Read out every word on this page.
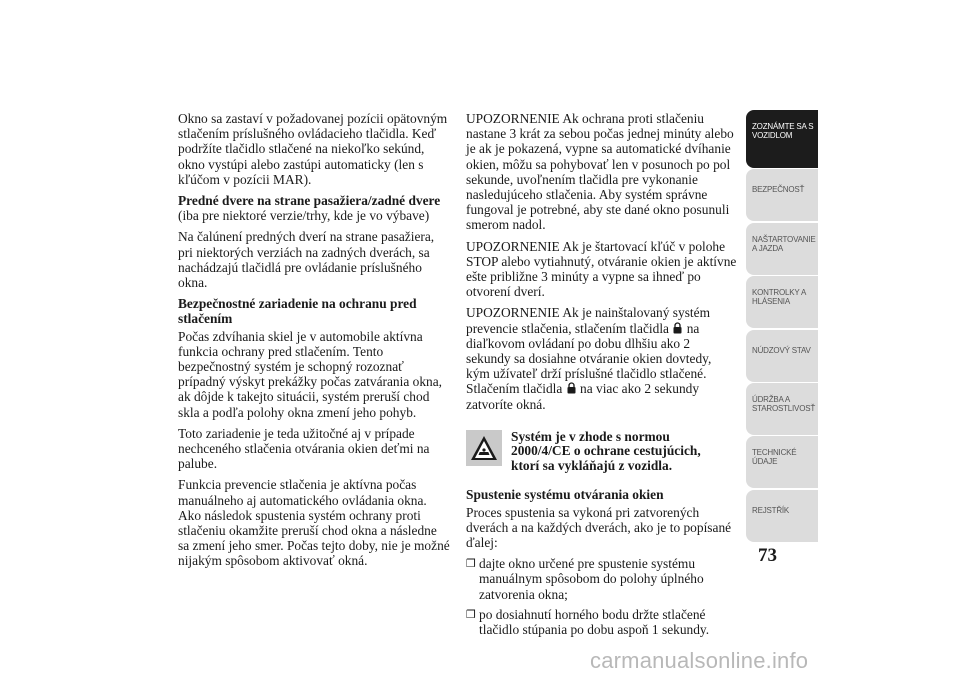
Okno sa zastaví v požadovanej pozícii opätovným stlačením príslušného ovládacieho tlačidla. Keď podržíte tlačidlo stlačené na niekoľko sekúnd, okno vystúpi alebo zastúpi automaticky (len s kľúčom v pozícii MAR).

Predné dvere na strane pasažiera/zadné dvere

(iba pre niektoré verzie/trhy, kde je vo výbave)

Na čalúnení predných dverí na strane pasažiera, pri niektorých verziách na zadných dverách, sa nachádzajú tlačidlá pre ovládanie príslušného okna.

Bezpečnostné zariadenie na ochranu pred stlačením

Počas zdvíhania skiel je v automobile aktívna funkcia ochrany pred stlačením. Tento bezpečnostný systém je schopný rozoznať prípadný výskyt prekážky počas zatvárania okna, ak dôjde k takejto situácii, systém preruší chod skla a podľa polohy okna zmení jeho pohyb.

Toto zariadenie je teda užitočné aj v prípade nechceného stlačenia otvárania okien deťmi na palube.

Funkcia prevencie stlačenia je aktívna počas manuálneho aj automatického ovládania okna. Ako následok spustenia systém ochrany proti stlačeniu okamžite preruší chod okna a následne sa zmení jeho smer. Počas tejto doby, nie je možné nijakým spôsobom aktivovať okná.

UPOZORNENIE Ak ochrana proti stlačeniu nastane 3 krát za sebou počas jednej minúty alebo je ak je pokazená, vypne sa automatické dvíhanie okien, môžu sa pohybovať len v posunoch po pol sekunde, uvoľnením tlačidla pre vykonanie nasledujúceho stlačenia. Aby systém správne fungoval je potrebné, aby ste dané okno posunuli smerom nadol.

UPOZORNENIE Ak je štartovací kľúč v polohe STOP alebo vytiahnutý, otváranie okien je aktívne ešte približne 3 minúty a vypne sa ihneď po otvorení dverí.

UPOZORNENIE Ak je nainštalovaný systém prevencie stlačenia, stlačením tlačidla na diaľkovom ovládaní po dobu dlhšiu ako 2 sekundy sa dosiahne otváranie okien dovtedy, kým užívateľ drží príslušné tlačidlo stlačené. Stlačením tlačidla na viac ako 2 sekundy zatvoríte okná.

Systém je v zhode s normou 2000/4/CE o ochrane cestujúcich, ktorí sa vykláňajú z vozidla.

Spustenie systému otvárania okien

Proces spustenia sa vykoná pri zatvorených dverách a na každých dverách, ako je to popísané ďalej:

❒ dajte okno určené pre spustenie systému manuálnym spôsobom do polohy úplného zatvorenia okna;
❒ po dosiahnutí horného bodu držte stlačené tlačidlo stúpania po dobu aspoň 1 sekundy.
ZOZNÁMTE SA S
VOZIDLOM
BEZPEČNOSŤ
NAŠTARTOVANIE
A JAZDA
KONTROLKY A
HLÁSENIA
NÚDZOVÝ STAV
ÚDRŽBA A
STAROSTLIVOSŤ
TECHNICKÉ
ÚDAJE
REJSTŘÍK
73
carmanualsonline.info
